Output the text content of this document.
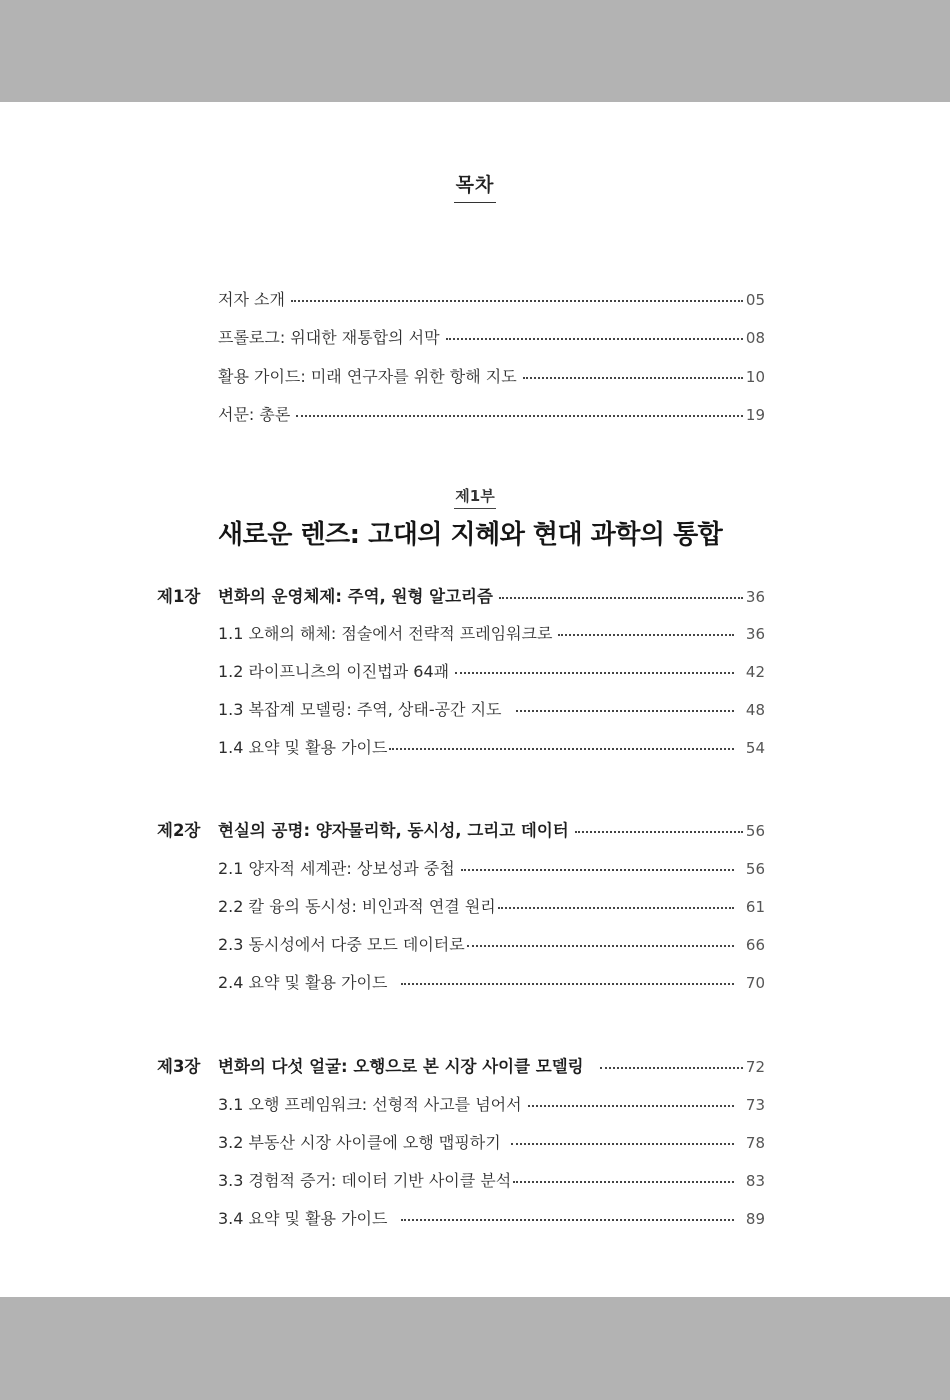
목차
저자 소개	05
프롤로그: 위대한 재통합의 서막	08
활용 가이드: 미래 연구자를 위한 항해 지도	10
서문: 총론	19
제1부
새로운 렌즈: 고대의 지혜와 현대 과학의 통합
제1장 변화의 운영체제: 주역, 원형 알고리즘	36
1.1 오해의 해체: 점술에서 전략적 프레임워크로	36
1.2 라이프니츠의 이진법과 64괘	42
1.3 복잡계 모델링: 주역, 상태-공간 지도	48
1.4 요약 및 활용 가이드	54
제2장 현실의 공명: 양자물리학, 동시성, 그리고 데이터	56
2.1 양자적 세계관: 상보성과 중첩	56
2.2 칼 융의 동시성: 비인과적 연결 원리	61
2.3 동시성에서 다중 모드 데이터로	66
2.4 요약 및 활용 가이드	70
제3장 변화의 다섯 얼굴: 오행으로 본 시장 사이클 모델링	72
3.1 오행 프레임워크: 선형적 사고를 넘어서	73
3.2 부동산 시장 사이클에 오행 맵핑하기	78
3.3 경험적 증거: 데이터 기반 사이클 분석	83
3.4 요약 및 활용 가이드	89
